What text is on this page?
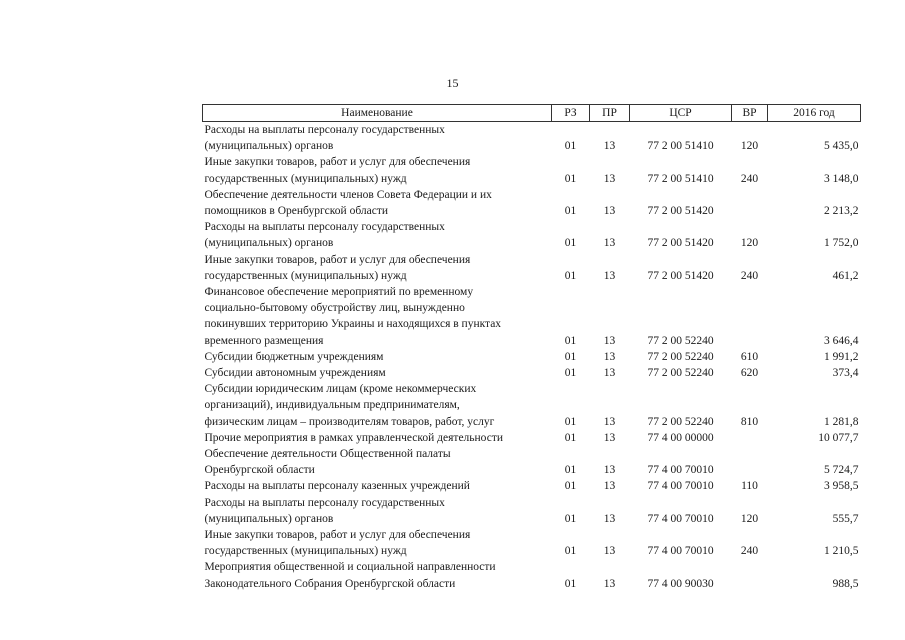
15
Наименование	РЗ	ПР	ЦСР	ВР	2016 год

Расходы на выплаты персоналу государственных
(муниципальных) органов	01	13	77 2 00 51410	120	5 435,0

Иные закупки товаров, работ и услуг для обеспечения
государственных (муниципальных) нужд	01	13	77 2 00 51410	240	3 148,0

Обеспечение деятельности членов Совета Федерации и их
помощников в Оренбургской области	01	13	77 2 00 51420		2 213,2

Расходы на выплаты персоналу государственных
(муниципальных) органов	01	13	77 2 00 51420	120	1 752,0

Иные закупки товаров, работ и услуг для обеспечения
государственных (муниципальных) нужд	01	13	77 2 00 51420	240	461,2

Финансовое обеспечение мероприятий по временному
социально-бытовому обустройству лиц, вынужденно
покинувших территорию Украины и находящихся в пунктах
временного размещения	01	13	77 2 00 52240		3 646,4

Субсидии бюджетным учреждениям	01	13	77 2 00 52240	610	1 991,2

Субсидии автономным учреждениям	01	13	77 2 00 52240	620	373,4

Субсидии юридическим лицам (кроме некоммерческих
организаций), индивидуальным предпринимателям,
физическим лицам – производителям товаров, работ, услуг	01	13	77 2 00 52240	810	1 281,8

Прочие мероприятия в рамках управленческой деятельности	01	13	77 4 00 00000		10 077,7

Обеспечение деятельности Общественной палаты
Оренбургской области	01	13	77 4 00 70010		5 724,7

Расходы на выплаты персоналу казенных учреждений	01	13	77 4 00 70010	110	3 958,5

Расходы на выплаты персоналу государственных
(муниципальных) органов	01	13	77 4 00 70010	120	555,7

Иные закупки товаров, работ и услуг для обеспечения
государственных (муниципальных) нужд	01	13	77 4 00 70010	240	1 210,5

Мероприятия общественной и социальной направленности
Законодательного Собрания Оренбургской области	01	13	77 4 00 90030		988,5
